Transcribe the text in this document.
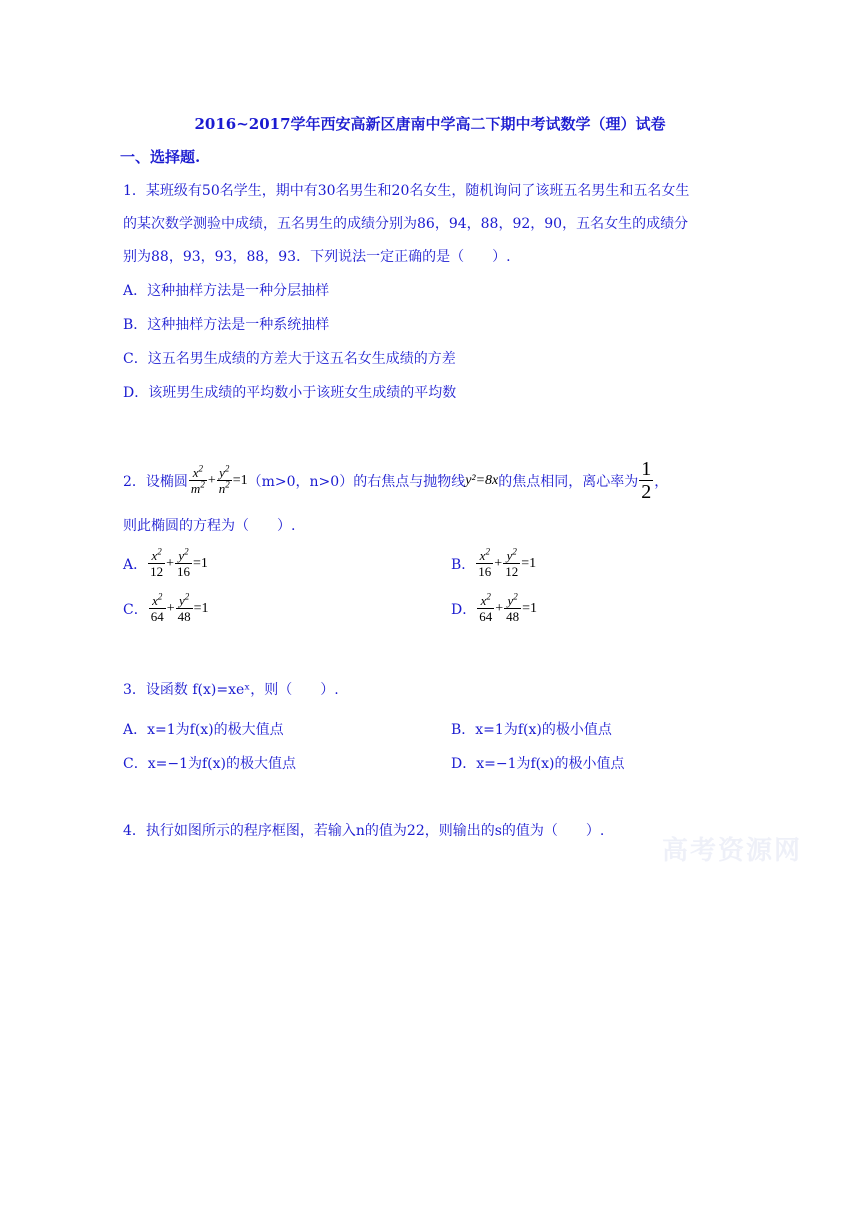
2016~2017学年西安高新区唐南中学高二下期中考试数学（理）试卷
一、选择题.
1．某班级有50名学生，期中有30名男生和20名女生，随机询问了该班五名男生和五名女生
的某次数学测验中成绩，五名男生的成绩分别为86，94，88，92，90，五名女生的成绩分
别为88，93，93，88，93．下列说法一定正确的是（　　）.
A．这种抽样方法是一种分层抽样
B．这种抽样方法是一种系统抽样
C．这五名男生成绩的方差大于这五名女生成绩的方差
D．该班男生成绩的平均数小于该班女生成绩的平均数
2．设椭圆 $\frac{x^2}{m^2} + \frac{y^2}{n^2} =1$ （m>0，n>0）的右焦点与抛物线 y²=8x 的焦点相同，离心率为 $\frac{1}{2}$ ，
则此椭圆的方程为（　　）.
A． $\frac{x^2}{12} + \frac{y^2}{16} =1$	B． $\frac{x^2}{16} + \frac{y^2}{12} =1$
C． $\frac{x^2}{64} + \frac{y^2}{48} =1$	D． $\frac{x^2}{64} + \frac{y^2}{48} =1$
3．设函数 f(x)=xeˣ，则（　　）.
A．x=1为f(x)的极大值点	B．x=1为f(x)的极小值点
C．x=−1为f(x)的极大值点	D．x=−1为f(x)的极小值点
4．执行如图所示的程序框图，若输入n的值为22，则输出的s的值为（　　）.
高考资源网
